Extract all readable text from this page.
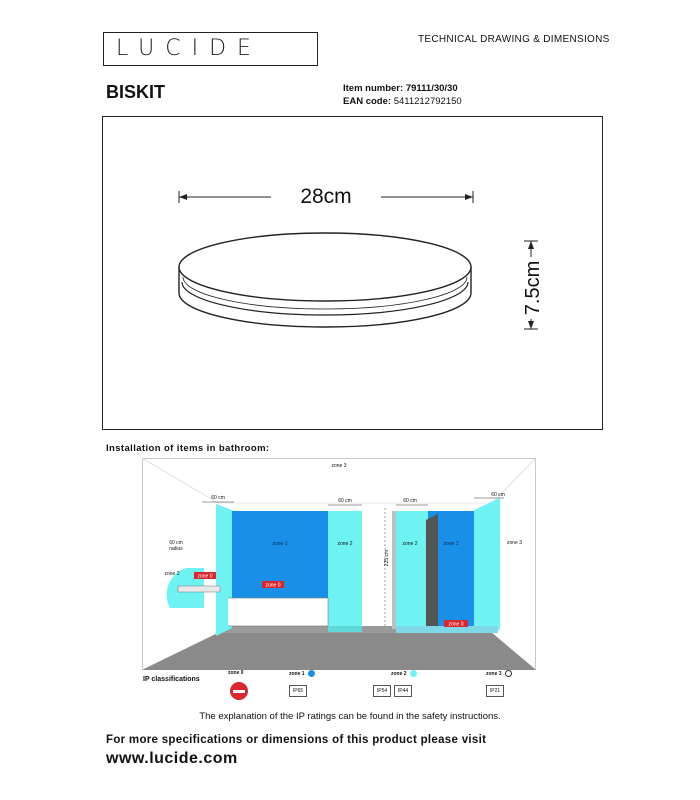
LUCIDE	TECHNICAL DRAWING & DIMENSIONS
BISKIT	Item number: 79111/30/30
EAN code: 5411212792150
28cm
7.5cm
Installation of items in bathroom:
zone 3
zone 3
zone 1	zone 1
zone 2	zone 2
zone 2	zone 0
zone 0
zone 0
60 cm	60 cm	60 cm
60 cm
60 cm
radius
225 cm
IP classifications
zone 0	zone 1
IP65
zone 2
IP54	IP44
zone 3
IP21
The explanation of the IP ratings can be found in the safety instructions.
For more specifications or dimensions of this product please visit
www.lucide.com
